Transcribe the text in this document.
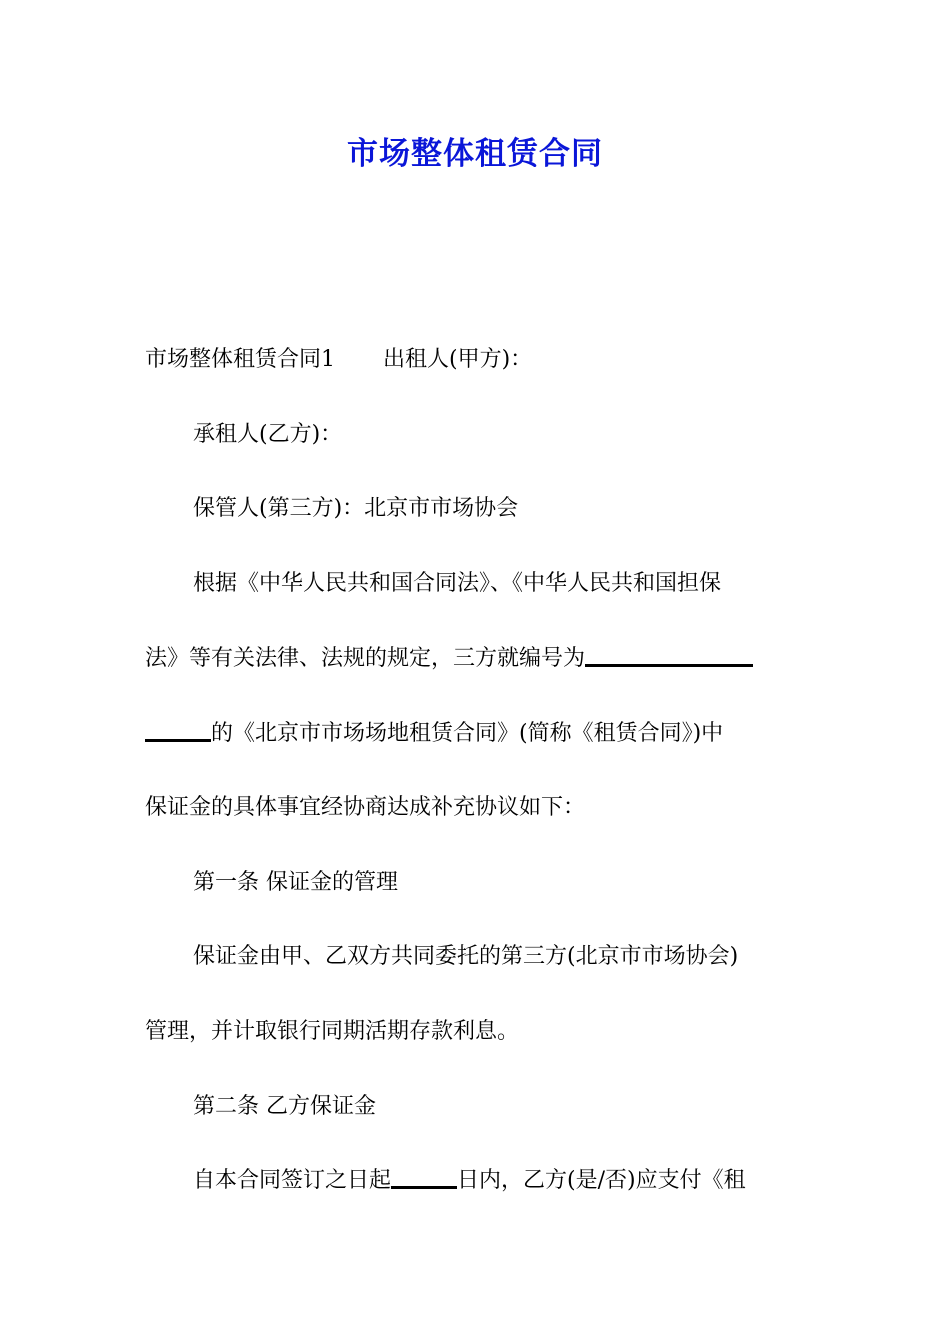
市场整体租赁合同
市场整体租赁合同1 出租人(甲方)：
承租人(乙方)：
保管人(第三方)：北京市市场协会
根据《中华人民共和国合同法》、《中华人民共和国担保
法》等有关法律、法规的规定，三方就编号为
的《北京市市场场地租赁合同》(简称《租赁合同》)中
保证金的具体事宜经协商达成补充协议如下：
第一条 保证金的管理
保证金由甲、乙双方共同委托的第三方(北京市市场协会)
管理，并计取银行同期活期存款利息。
第二条 乙方保证金
自本合同签订之日起	日内，乙方(是/否)应支付《租
